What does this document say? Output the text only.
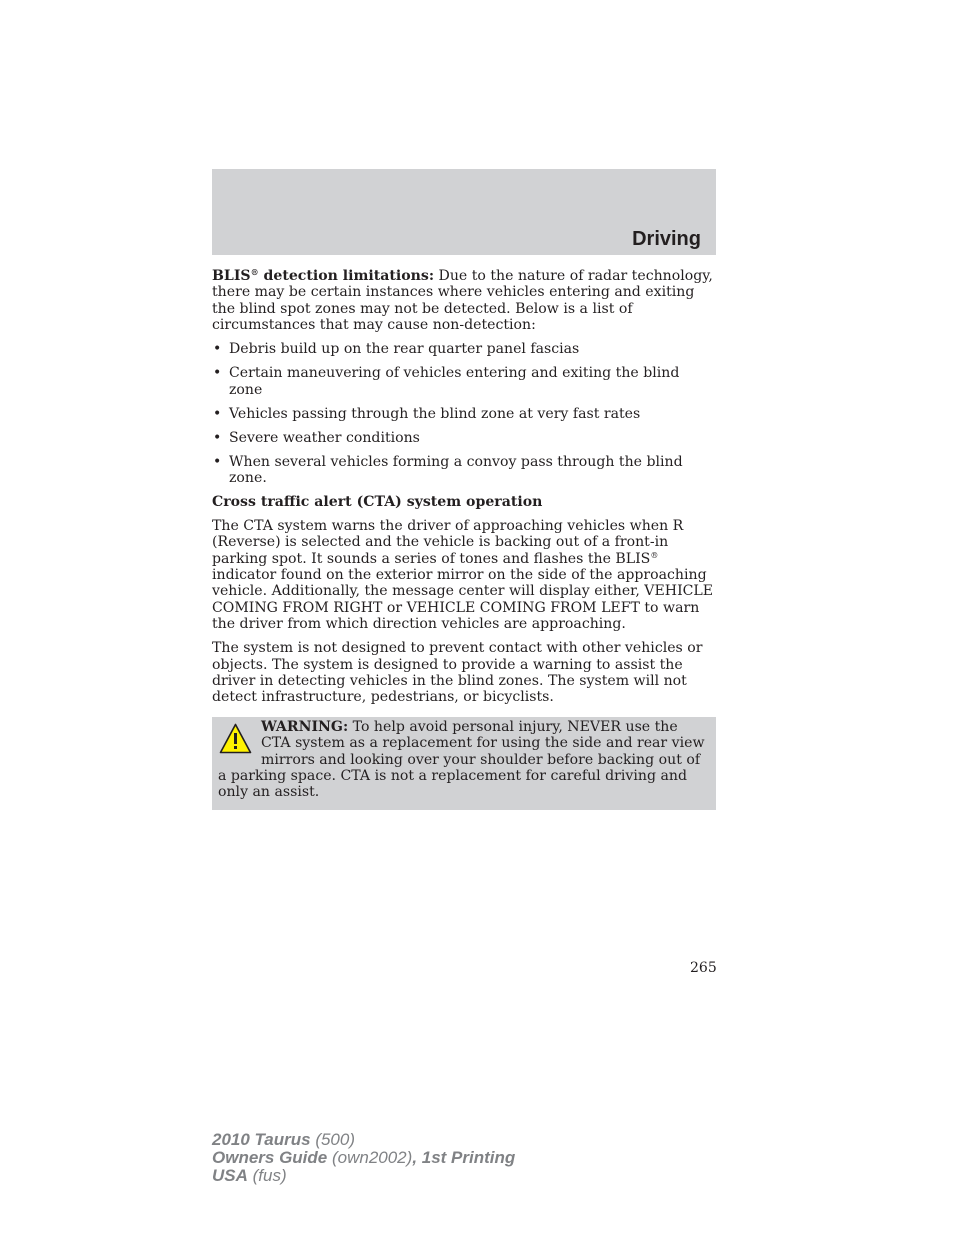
Driving

BLIS® detection limitations: Due to the nature of radar technology, there may be certain instances where vehicles entering and exiting the blind spot zones may not be detected. Below is a list of circumstances that may cause non-detection:

• Debris build up on the rear quarter panel fascias
• Certain maneuvering of vehicles entering and exiting the blind zone
• Vehicles passing through the blind zone at very fast rates
• Severe weather conditions
• When several vehicles forming a convoy pass through the blind zone.
Cross traffic alert (CTA) system operation

The CTA system warns the driver of approaching vehicles when R (Reverse) is selected and the vehicle is backing out of a front-in parking spot. It sounds a series of tones and flashes the BLIS® indicator found on the exterior mirror on the side of the approaching vehicle. Additionally, the message center will display either, VEHICLE COMING FROM RIGHT or VEHICLE COMING FROM LEFT to warn the driver from which direction vehicles are approaching.

The system is not designed to prevent contact with other vehicles or objects. The system is designed to provide a warning to assist the driver in detecting vehicles in the blind zones. The system will not detect infrastructure, pedestrians, or bicyclists.

WARNING: To help avoid personal injury, NEVER use the CTA system as a replacement for using the side and rear view mirrors and looking over your shoulder before backing out of a parking space. CTA is not a replacement for careful driving and only an assist.
265
2010 Taurus (500)
Owners Guide (own2002), 1st Printing
USA (fus)
